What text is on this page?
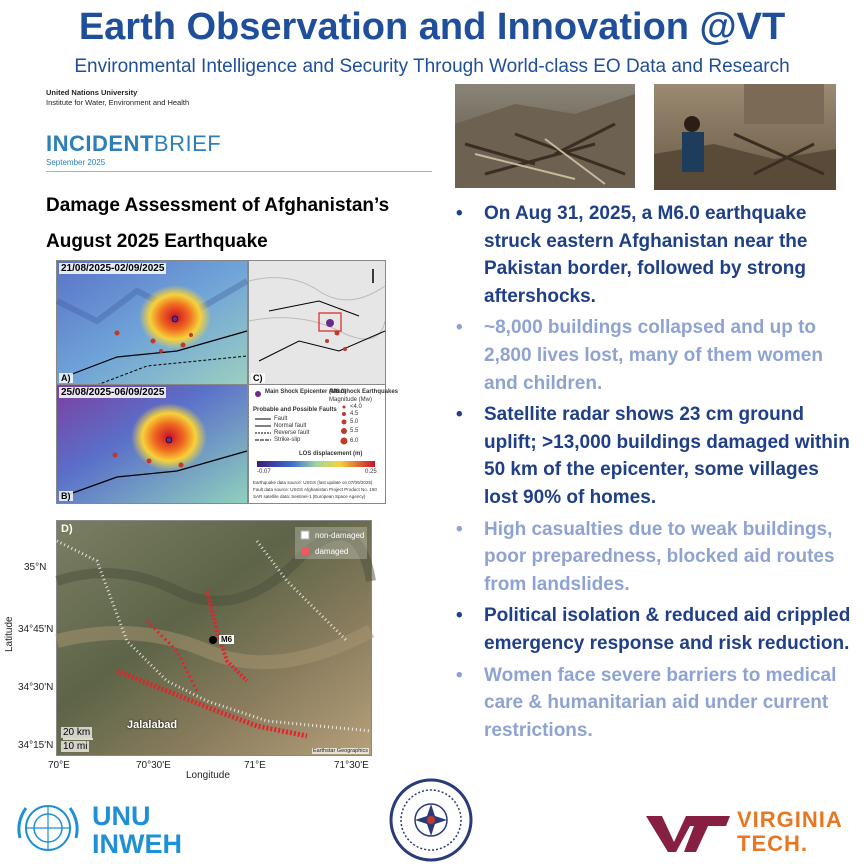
Earth Observation and Innovation @VT
Environmental Intelligence and Security Through World-class EO Data and Research
United Nations University
Institute for Water, Environment and Health
INCIDENTBRIEF
September 2025
Damage Assessment of Afghanistan’s
August 2025 Earthquake
21/08/2025-02/09/2025
A)	C)
25/08/2025-06/09/2025
B)
Main Shock Epicenter (M6.0)
Aftershock Earthquakes
Magnitude (Mw)
Probable and Possible Faults
Fault
Normal fault
Reverse fault
Strike-slip
<4.0
4.5
5.0
5.5
6.0
LOS displacement (m)
-0.07	0.25
Earthquake data source: USGS (last update on 07/09/2025)
Fault data source: USGS Afghanistan Project Product No. 150
SAR satellite data: Sentinel-1 (European Space Agency)
D)
non-damaged
damaged
M6
Jalalabad
20 km
10 mi	Earthstar Geographics
Latitude
35°N
34°45'N
34°30'N
34°15'N
70°E	70°30'E	71°E	71°30'E
Longitude
• On Aug 31, 2025, a M6.0 earthquake struck eastern Afghanistan near the Pakistan border, followed by strong aftershocks.
• ~8,000 buildings collapsed and up to 2,800 lives lost, many of them women and children.
• Satellite radar shows 23 cm ground uplift; >13,000 buildings damaged within 50 km of the epicenter, some villages lost 90% of homes.
• High casualties due to weak buildings, poor preparedness, blocked aid routes from landslides.
• Political isolation & reduced aid crippled emergency response and risk reduction.
• Women face severe barriers to medical care & humanitarian aid under current restrictions.
UNU
INWEH
VIRGINIA
TECH.
